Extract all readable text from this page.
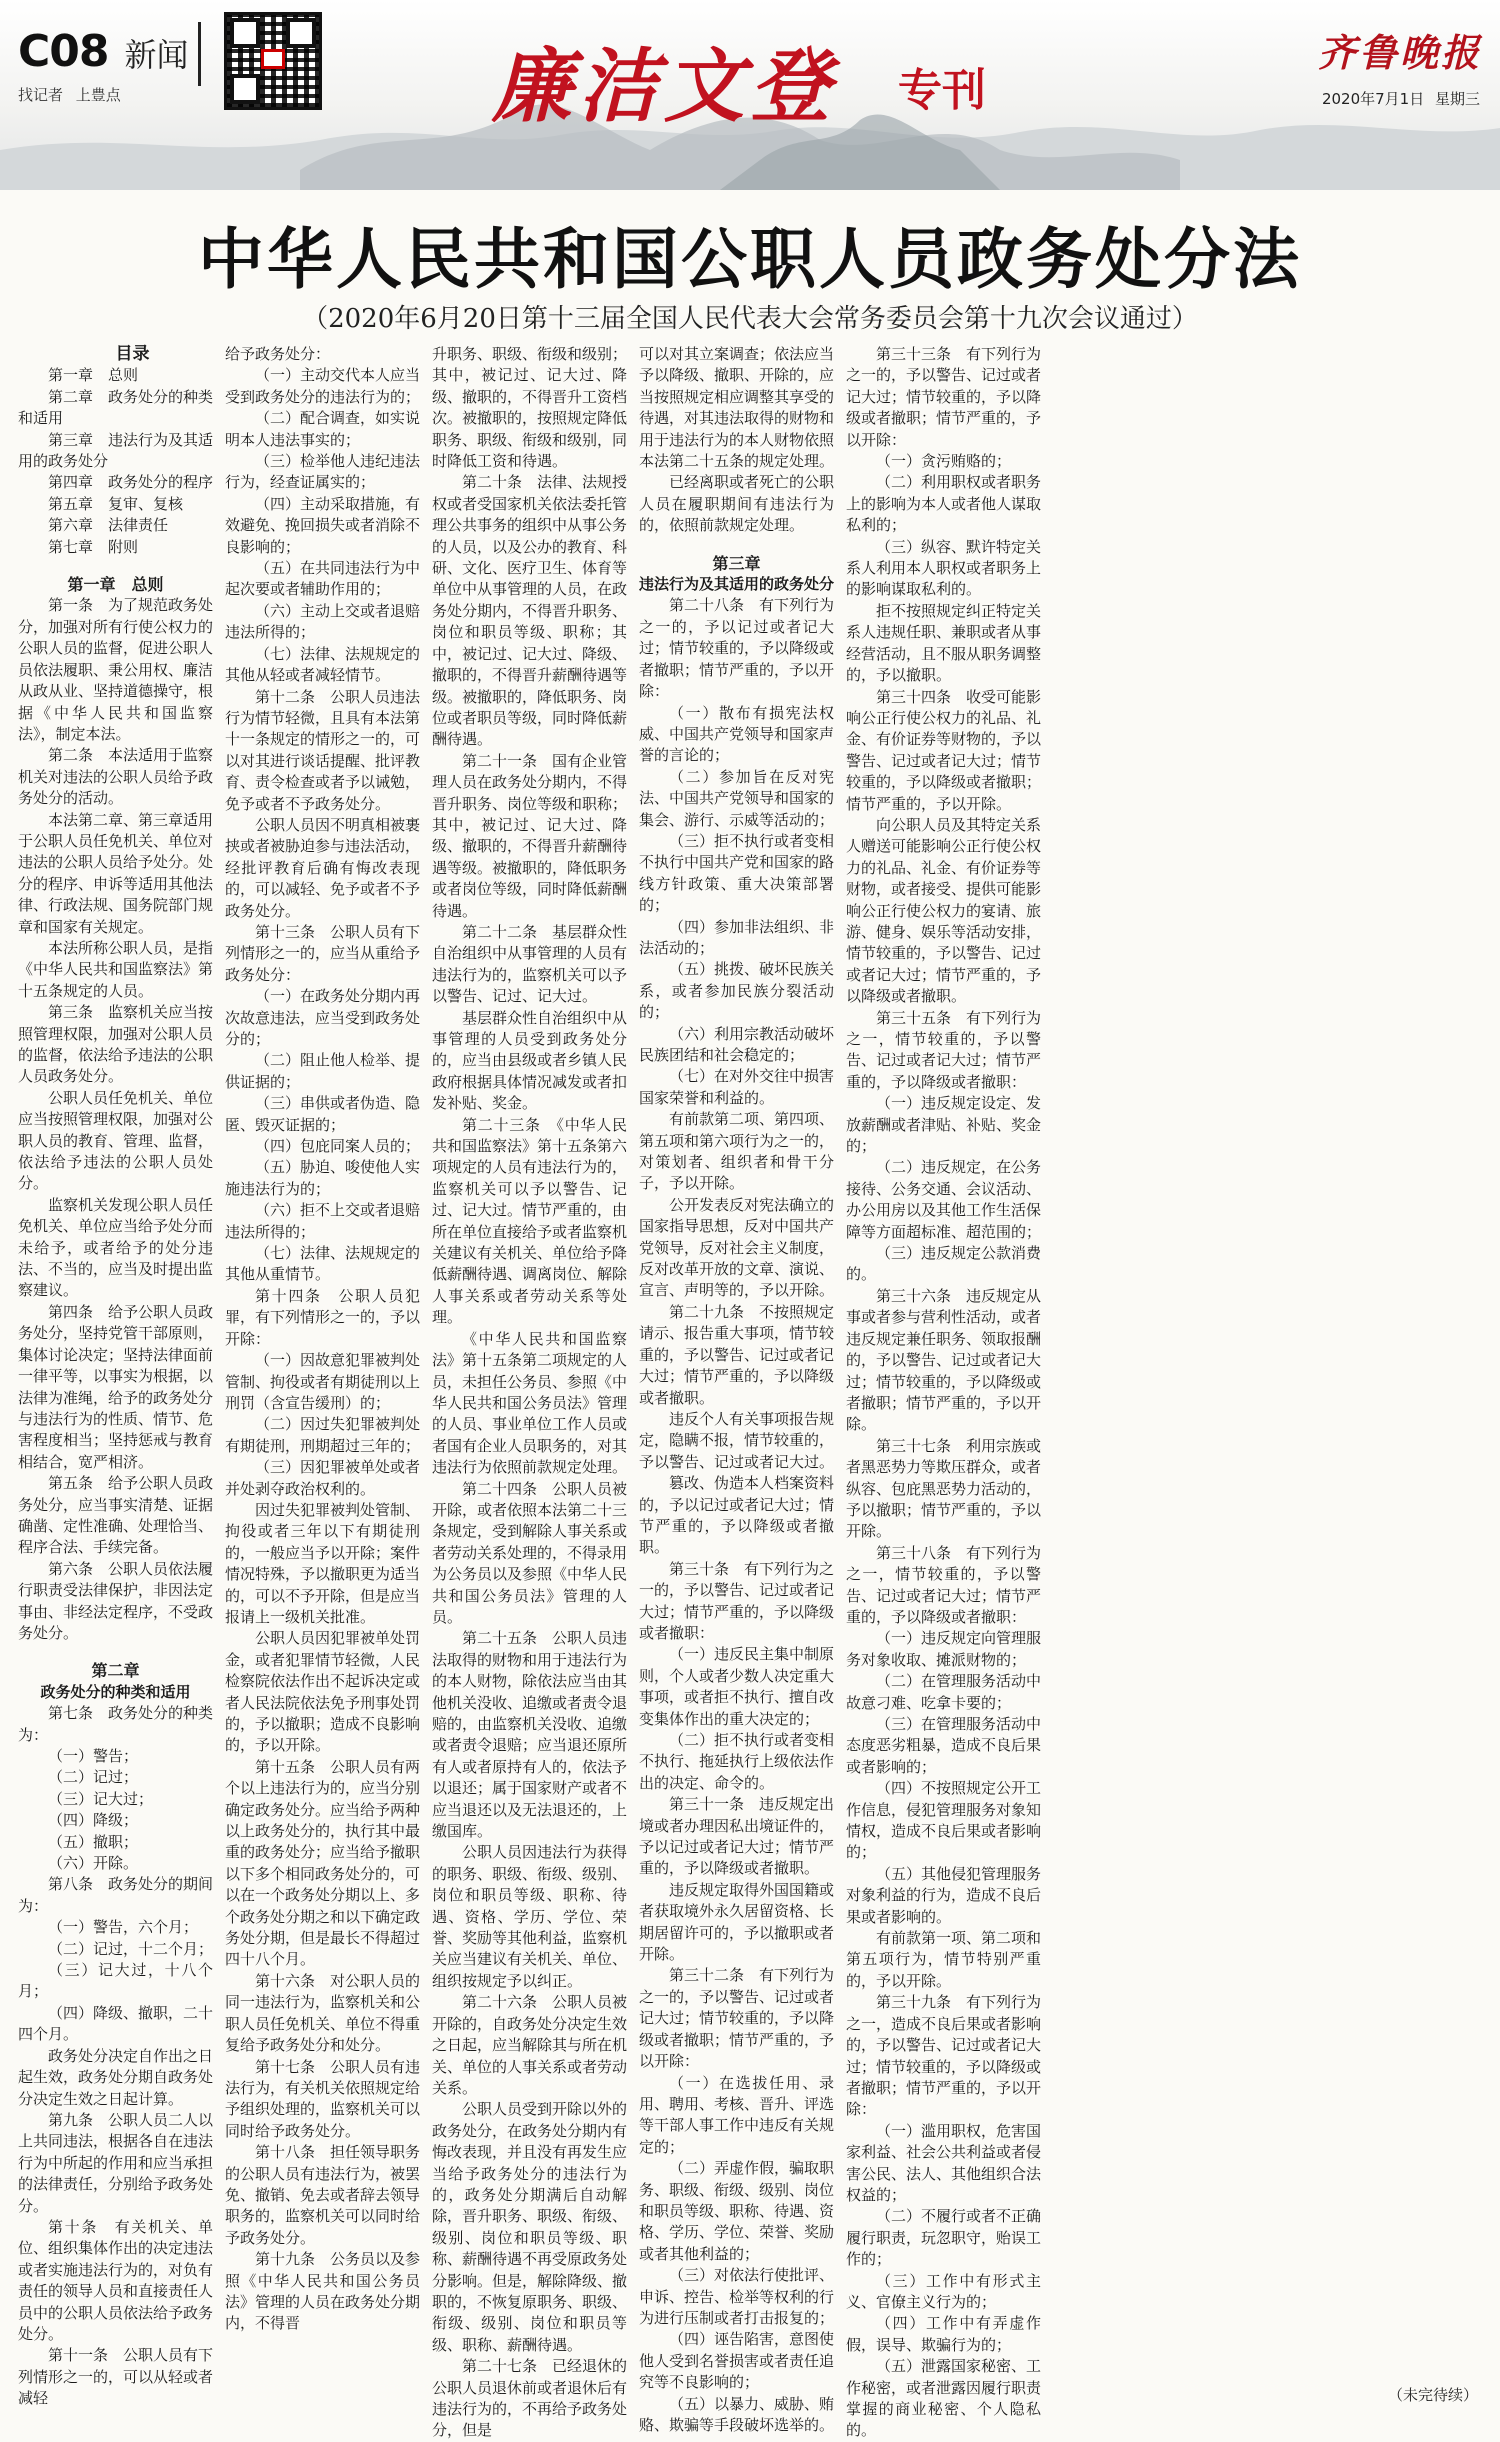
C08 新闻
找记者 上豊点	廉洁文登 专刊
齐鲁晚报
2020年7月1日 星期三
中华人民共和国公职人员政务处分法
（2020年6月20日第十三届全国人民代表大会常务委员会第十九次会议通过）

目录

第一章　总则

第二章　政务处分的种类和适用

第三章　违法行为及其适用的政务处分

第四章　政务处分的程序

第五章　复审、复核

第六章　法律责任

第七章　附则

第一章　总则

第一条　为了规范政务处分，加强对所有行使公权力的公职人员的监督，促进公职人员依法履职、秉公用权、廉洁从政从业、坚持道德操守，根据《中华人民共和国监察法》，制定本法。

第二条　本法适用于监察机关对违法的公职人员给予政务处分的活动。

本法第二章、第三章适用于公职人员任免机关、单位对违法的公职人员给予处分。处分的程序、申诉等适用其他法律、行政法规、国务院部门规章和国家有关规定。

本法所称公职人员，是指《中华人民共和国监察法》第十五条规定的人员。

第三条　监察机关应当按照管理权限，加强对公职人员的监督，依法给予违法的公职人员政务处分。

公职人员任免机关、单位应当按照管理权限，加强对公职人员的教育、管理、监督，依法给予违法的公职人员处分。

监察机关发现公职人员任免机关、单位应当给予处分而未给予，或者给予的处分违法、不当的，应当及时提出监察建议。

第四条　给予公职人员政务处分，坚持党管干部原则，集体讨论决定；坚持法律面前一律平等，以事实为根据，以法律为准绳，给予的政务处分与违法行为的性质、情节、危害程度相当；坚持惩戒与教育相结合，宽严相济。

第五条　给予公职人员政务处分，应当事实清楚、证据确凿、定性准确、处理恰当、程序合法、手续完备。

第六条　公职人员依法履行职责受法律保护，非因法定事由、非经法定程序，不受政务处分。

第二章
政务处分的种类和适用

第七条　政务处分的种类为：

（一）警告；

（二）记过；

（三）记大过；

（四）降级；

（五）撤职；

（六）开除。

第八条　政务处分的期间为：

（一）警告，六个月；

（二）记过，十二个月；

（三）记大过，十八个月；

（四）降级、撤职，二十四个月。

政务处分决定自作出之日起生效，政务处分期自政务处分决定生效之日起计算。

第九条　公职人员二人以上共同违法，根据各自在违法行为中所起的作用和应当承担的法律责任，分别给予政务处分。

第十条　有关机关、单位、组织集体作出的决定违法或者实施违法行为的，对负有责任的领导人员和直接责任人员中的公职人员依法给予政务处分。

第十一条　公职人员有下列情形之一的，可以从轻或者减轻

给予政务处分：

（一）主动交代本人应当受到政务处分的违法行为的；

（二）配合调查，如实说明本人违法事实的；

（三）检举他人违纪违法行为，经查证属实的；

（四）主动采取措施，有效避免、挽回损失或者消除不良影响的；

（五）在共同违法行为中起次要或者辅助作用的；

（六）主动上交或者退赔违法所得的；

（七）法律、法规规定的其他从轻或者减轻情节。

第十二条　公职人员违法行为情节轻微，且具有本法第十一条规定的情形之一的，可以对其进行谈话提醒、批评教育、责令检查或者予以诫勉，免予或者不予政务处分。

公职人员因不明真相被裹挟或者被胁迫参与违法活动，经批评教育后确有悔改表现的，可以减轻、免予或者不予政务处分。

第十三条　公职人员有下列情形之一的，应当从重给予政务处分：

（一）在政务处分期内再次故意违法，应当受到政务处分的；

（二）阻止他人检举、提供证据的；

（三）串供或者伪造、隐匿、毁灭证据的；

（四）包庇同案人员的；

（五）胁迫、唆使他人实施违法行为的；

（六）拒不上交或者退赔违法所得的；

（七）法律、法规规定的其他从重情节。

第十四条　公职人员犯罪，有下列情形之一的，予以开除：

（一）因故意犯罪被判处管制、拘役或者有期徒刑以上刑罚（含宣告缓刑）的；

（二）因过失犯罪被判处有期徒刑，刑期超过三年的；

（三）因犯罪被单处或者并处剥夺政治权利的。

因过失犯罪被判处管制、拘役或者三年以下有期徒刑的，一般应当予以开除；案件情况特殊，予以撤职更为适当的，可以不予开除，但是应当报请上一级机关批准。

公职人员因犯罪被单处罚金，或者犯罪情节轻微，人民检察院依法作出不起诉决定或者人民法院依法免予刑事处罚的，予以撤职；造成不良影响的，予以开除。

第十五条　公职人员有两个以上违法行为的，应当分别确定政务处分。应当给予两种以上政务处分的，执行其中最重的政务处分；应当给予撤职以下多个相同政务处分的，可以在一个政务处分期以上、多个政务处分期之和以下确定政务处分期，但是最长不得超过四十八个月。

第十六条　对公职人员的同一违法行为，监察机关和公职人员任免机关、单位不得重复给予政务处分和处分。

第十七条　公职人员有违法行为，有关机关依照规定给予组织处理的，监察机关可以同时给予政务处分。

第十八条　担任领导职务的公职人员有违法行为，被罢免、撤销、免去或者辞去领导职务的，监察机关可以同时给予政务处分。

第十九条　公务员以及参照《中华人民共和国公务员法》管理的人员在政务处分期内，不得晋

升职务、职级、衔级和级别；其中，被记过、记大过、降级、撤职的，不得晋升工资档次。被撤职的，按照规定降低职务、职级、衔级和级别，同时降低工资和待遇。

第二十条　法律、法规授权或者受国家机关依法委托管理公共事务的组织中从事公务的人员，以及公办的教育、科研、文化、医疗卫生、体育等单位中从事管理的人员，在政务处分期内，不得晋升职务、岗位和职员等级、职称；其中，被记过、记大过、降级、撤职的，不得晋升薪酬待遇等级。被撤职的，降低职务、岗位或者职员等级，同时降低薪酬待遇。

第二十一条　国有企业管理人员在政务处分期内，不得晋升职务、岗位等级和职称；其中，被记过、记大过、降级、撤职的，不得晋升薪酬待遇等级。被撤职的，降低职务或者岗位等级，同时降低薪酬待遇。

第二十二条　基层群众性自治组织中从事管理的人员有违法行为的，监察机关可以予以警告、记过、记大过。

基层群众性自治组织中从事管理的人员受到政务处分的，应当由县级或者乡镇人民政府根据具体情况减发或者扣发补贴、奖金。

第二十三条　《中华人民共和国监察法》第十五条第六项规定的人员有违法行为的，监察机关可以予以警告、记过、记大过。情节严重的，由所在单位直接给予或者监察机关建议有关机关、单位给予降低薪酬待遇、调离岗位、解除人事关系或者劳动关系等处理。

《中华人民共和国监察法》第十五条第二项规定的人员，未担任公务员、参照《中华人民共和国公务员法》管理的人员、事业单位工作人员或者国有企业人员职务的，对其违法行为依照前款规定处理。

第二十四条　公职人员被开除，或者依照本法第二十三条规定，受到解除人事关系或者劳动关系处理的，不得录用为公务员以及参照《中华人民共和国公务员法》管理的人员。

第二十五条　公职人员违法取得的财物和用于违法行为的本人财物，除依法应当由其他机关没收、追缴或者责令退赔的，由监察机关没收、追缴或者责令退赔；应当退还原所有人或者原持有人的，依法予以退还；属于国家财产或者不应当退还以及无法退还的，上缴国库。

公职人员因违法行为获得的职务、职级、衔级、级别、岗位和职员等级、职称、待遇、资格、学历、学位、荣誉、奖励等其他利益，监察机关应当建议有关机关、单位、组织按规定予以纠正。

第二十六条　公职人员被开除的，自政务处分决定生效之日起，应当解除其与所在机关、单位的人事关系或者劳动关系。

公职人员受到开除以外的政务处分，在政务处分期内有悔改表现，并且没有再发生应当给予政务处分的违法行为的，政务处分期满后自动解除，晋升职务、职级、衔级、级别、岗位和职员等级、职称、薪酬待遇不再受原政务处分影响。但是，解除降级、撤职的，不恢复原职务、职级、衔级、级别、岗位和职员等级、职称、薪酬待遇。

第二十七条　已经退休的公职人员退休前或者退休后有违法行为的，不再给予政务处分，但是

可以对其立案调查；依法应当予以降级、撤职、开除的，应当按照规定相应调整其享受的待遇，对其违法取得的财物和用于违法行为的本人财物依照本法第二十五条的规定处理。

已经离职或者死亡的公职人员在履职期间有违法行为的，依照前款规定处理。

第三章
违法行为及其适用的政务处分

第二十八条　有下列行为之一的，予以记过或者记大过；情节较重的，予以降级或者撤职；情节严重的，予以开除：

（一）散布有损宪法权威、中国共产党领导和国家声誉的言论的；

（二）参加旨在反对宪法、中国共产党领导和国家的集会、游行、示威等活动的；

（三）拒不执行或者变相不执行中国共产党和国家的路线方针政策、重大决策部署的；

（四）参加非法组织、非法活动的；

（五）挑拨、破坏民族关系，或者参加民族分裂活动的；

（六）利用宗教活动破坏民族团结和社会稳定的；

（七）在对外交往中损害国家荣誉和利益的。

有前款第二项、第四项、第五项和第六项行为之一的，对策划者、组织者和骨干分子，予以开除。

公开发表反对宪法确立的国家指导思想，反对中国共产党领导，反对社会主义制度，反对改革开放的文章、演说、宣言、声明等的，予以开除。

第二十九条　不按照规定请示、报告重大事项，情节较重的，予以警告、记过或者记大过；情节严重的，予以降级或者撤职。

违反个人有关事项报告规定，隐瞒不报，情节较重的，予以警告、记过或者记大过。

篡改、伪造本人档案资料的，予以记过或者记大过；情节严重的，予以降级或者撤职。

第三十条　有下列行为之一的，予以警告、记过或者记大过；情节严重的，予以降级或者撤职：

（一）违反民主集中制原则，个人或者少数人决定重大事项，或者拒不执行、擅自改变集体作出的重大决定的；

（二）拒不执行或者变相不执行、拖延执行上级依法作出的决定、命令的。

第三十一条　违反规定出境或者办理因私出境证件的，予以记过或者记大过；情节严重的，予以降级或者撤职。

违反规定取得外国国籍或者获取境外永久居留资格、长期居留许可的，予以撤职或者开除。

第三十二条　有下列行为之一的，予以警告、记过或者记大过；情节较重的，予以降级或者撤职；情节严重的，予以开除：

（一）在选拔任用、录用、聘用、考核、晋升、评选等干部人事工作中违反有关规定的；

（二）弄虚作假，骗取职务、职级、衔级、级别、岗位和职员等级、职称、待遇、资格、学历、学位、荣誉、奖励或者其他利益的；

（三）对依法行使批评、申诉、控告、检举等权利的行为进行压制或者打击报复的；

（四）诬告陷害，意图使他人受到名誉损害或者责任追究等不良影响的；

（五）以暴力、威胁、贿赂、欺骗等手段破坏选举的。

第三十三条　有下列行为之一的，予以警告、记过或者记大过；情节较重的，予以降级或者撤职；情节严重的，予以开除：

（一）贪污贿赂的；

（二）利用职权或者职务上的影响为本人或者他人谋取私利的；

（三）纵容、默许特定关系人利用本人职权或者职务上的影响谋取私利的。

拒不按照规定纠正特定关系人违规任职、兼职或者从事经营活动，且不服从职务调整的，予以撤职。

第三十四条　收受可能影响公正行使公权力的礼品、礼金、有价证券等财物的，予以警告、记过或者记大过；情节较重的，予以降级或者撤职；情节严重的，予以开除。

向公职人员及其特定关系人赠送可能影响公正行使公权力的礼品、礼金、有价证券等财物，或者接受、提供可能影响公正行使公权力的宴请、旅游、健身、娱乐等活动安排，情节较重的，予以警告、记过或者记大过；情节严重的，予以降级或者撤职。

第三十五条　有下列行为之一，情节较重的，予以警告、记过或者记大过；情节严重的，予以降级或者撤职：

（一）违反规定设定、发放薪酬或者津贴、补贴、奖金的；

（二）违反规定，在公务接待、公务交通、会议活动、办公用房以及其他工作生活保障等方面超标准、超范围的；

（三）违反规定公款消费的。

第三十六条　违反规定从事或者参与营利性活动，或者违反规定兼任职务、领取报酬的，予以警告、记过或者记大过；情节较重的，予以降级或者撤职；情节严重的，予以开除。

第三十七条　利用宗族或者黑恶势力等欺压群众，或者纵容、包庇黑恶势力活动的，予以撤职；情节严重的，予以开除。

第三十八条　有下列行为之一，情节较重的，予以警告、记过或者记大过；情节严重的，予以降级或者撤职：

（一）违反规定向管理服务对象收取、摊派财物的；

（二）在管理服务活动中故意刁难、吃拿卡要的；

（三）在管理服务活动中态度恶劣粗暴，造成不良后果或者影响的；

（四）不按照规定公开工作信息，侵犯管理服务对象知情权，造成不良后果或者影响的；

（五）其他侵犯管理服务对象利益的行为，造成不良后果或者影响的。

有前款第一项、第二项和第五项行为，情节特别严重的，予以开除。

第三十九条　有下列行为之一，造成不良后果或者影响的，予以警告、记过或者记大过；情节较重的，予以降级或者撤职；情节严重的，予以开除：

（一）滥用职权，危害国家利益、社会公共利益或者侵害公民、法人、其他组织合法权益的；

（二）不履行或者不正确履行职责，玩忽职守，贻误工作的；

（三）工作中有形式主义、官僚主义行为的；

（四）工作中有弄虚作假，误导、欺骗行为的；

（五）泄露国家秘密、工作秘密，或者泄露因履行职责掌握的商业秘密、个人隐私的。

（未完待续）
